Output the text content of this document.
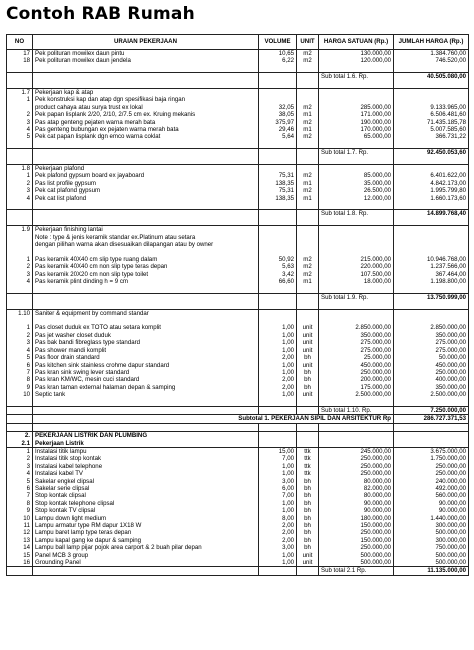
Contoh RAB Rumah
NO	URAIAN PEKERJAAN	VOLUME	UNIT	HARGA SATUAN (Rp.)	JUMLAH HARGA (Rp.)
17	Pek polituran mowilex daun pintu	10,65	m2	130.000,00	1.384.760,00
18	Pek polituran mowilex daun jendela	6,22	m2	120.000,00	746.520,00

				Sub total 1.6. Rp.	40.505.080,00

1.7	Pekerjaan kap & atap				
1	Pek konstruksi kap dan atap dgn spesifikasi baja ringan				
	product cahaya atau surya trust ex lokal	32,05	m2	285.000,00	9.133.965,00
2	Pek papan lisplank 2/20, 2/10, 2/7.5 cm ex. Kruing mekanis	38,05	m1	171.000,00	6.506.481,60
3	Pas atap genteng pejaten warna merah bata	375,97	m2	190.000,00	71.435.185,78
4	Pas genteng bubungan ex pejaten warna merah bata	29,46	m1	170.000,00	5.007.585,60
5	Pek cat papan lisplank dgn emco warna coklat	5,64	m2	65.000,00	366.731,22

				Sub total 1.7. Rp.	92.450.053,60

1.8	Pekerjaan plafond				
1	Pek plafond gypsum board ex jayaboard	75,31	m2	85.000,00	6.401.622,00
2	Pas list profile gypsum	138,35	m1	35.000,00	4.842.173,00
3	Pek cat plafond gypsum	75,31	m2	26.500,00	1.995.799,80
4	Pek cat list plafond	138,35	m1	12.000,00	1.660.173,60

				Sub total 1.8. Rp.	14.899.768,40

1.9	Pekerjaan finishing lantai				
	Note : type & jenis keramik standar ex.Platinum atau setara				
	dengan pilihan warna akan disesuaikan dilapangan atau by owner				

1	Pas keramik 40X40 cm slip type ruang dalam	50,92	m2	215.000,00	10.946.768,00
2	Pas keramik 40X40 cm non slip type teras depan	5,63	m2	220.000,00	1.237.566,00
3	Pas keramik 20X20 cm non slip type toilet	3,42	m2	107.500,00	367.464,00
4	Pas keramik plint dinding h = 9 cm	66,60	m1	18.000,00	1.198.800,00

				Sub total 1.9. Rp.	13.750.999,00

1.10	Saniter & equipment by command standar				

1	Pas closet duduk ex TOTO atau setara komplit	1,00	unit	2.850.000,00	2.850.000,00
2	Pas jet washer closet duduk	1,00	unit	350.000,00	350.000,00
3	Pas bak bandi fibreglass type standard	1,00	unit	275.000,00	275.000,00
4	Pas shower mandi komplit	1,00	unit	275.000,00	275.000,00
5	Pas floor drain standard	2,00	bh	25.000,00	50.000,00
6	Pas kitchen sink stainless crohme dapur standard	1,00	unit	450.000,00	450.000,00
7	Pas kran sink swing lever standard	1,00	bh	250.000,00	250.000,00
8	Pas kran KM/WC, mesin cuci standard	2,00	bh	200.000,00	400.000,00
9	Pas kran taman external halaman depan & samping	2,00	bh	175.000,00	350.000,00
10	Septic tank	1,00	unit	2.500.000,00	2.500.000,00

				Sub total 1.10. Rp.	7.250.000,00
	Subtotal 1. PEKERJAAN SIPIL DAN ARSITEKTUR Rp				286.727.371,53

2.	PEKERJAAN LISTRIK DAN PLUMBING				
2.1	Pekerjaan Listrik				
1	Instalasi titik lampu	15,00	ttk	245.000,00	3.675.000,00
2	Instalasi titik stop kontak	7,00	ttk	250.000,00	1.750.000,00
3	Instalasi kabel telephone	1,00	ttk	250.000,00	250.000,00
4	Instalasi kabel TV	1,00	ttk	250.000,00	250.000,00
5	Sakelar engkel clipsal	3,00	bh	80.000,00	240.000,00
6	Sakelar serie clipsal	6,00	bh	82.000,00	492.000,00
7	Stop kontak clipsal	7,00	bh	80.000,00	560.000,00
8	Stop kontak telephone clipsal	1,00	bh	90.000,00	90.000,00
9	Stop kontak TV clipsal	1,00	bh	90.000,00	90.000,00
10	Lampu down light medium	8,00	bh	180.000,00	1.440.000,00
11	Lampu armatur type RM dapur 1X18 W	2,00	bh	150.000,00	300.000,00
12	Lampu baret lamp type teras depan	2,00	bh	250.000,00	500.000,00
13	Lampu kapal gang ke dapur & samping	2,00	bh	150.000,00	300.000,00
14	Lampu ball lamp pijar pojok area carport & 2 buah pilar depan	3,00	bh	250.000,00	750.000,00
15	Panel MCB 3 group	1,00	unit	500.000,00	500.000,00
16	Grounding Panel	1,00	unit	500.000,00	500.000,00
				Sub total 2.1 Rp.	11.135.000,00
